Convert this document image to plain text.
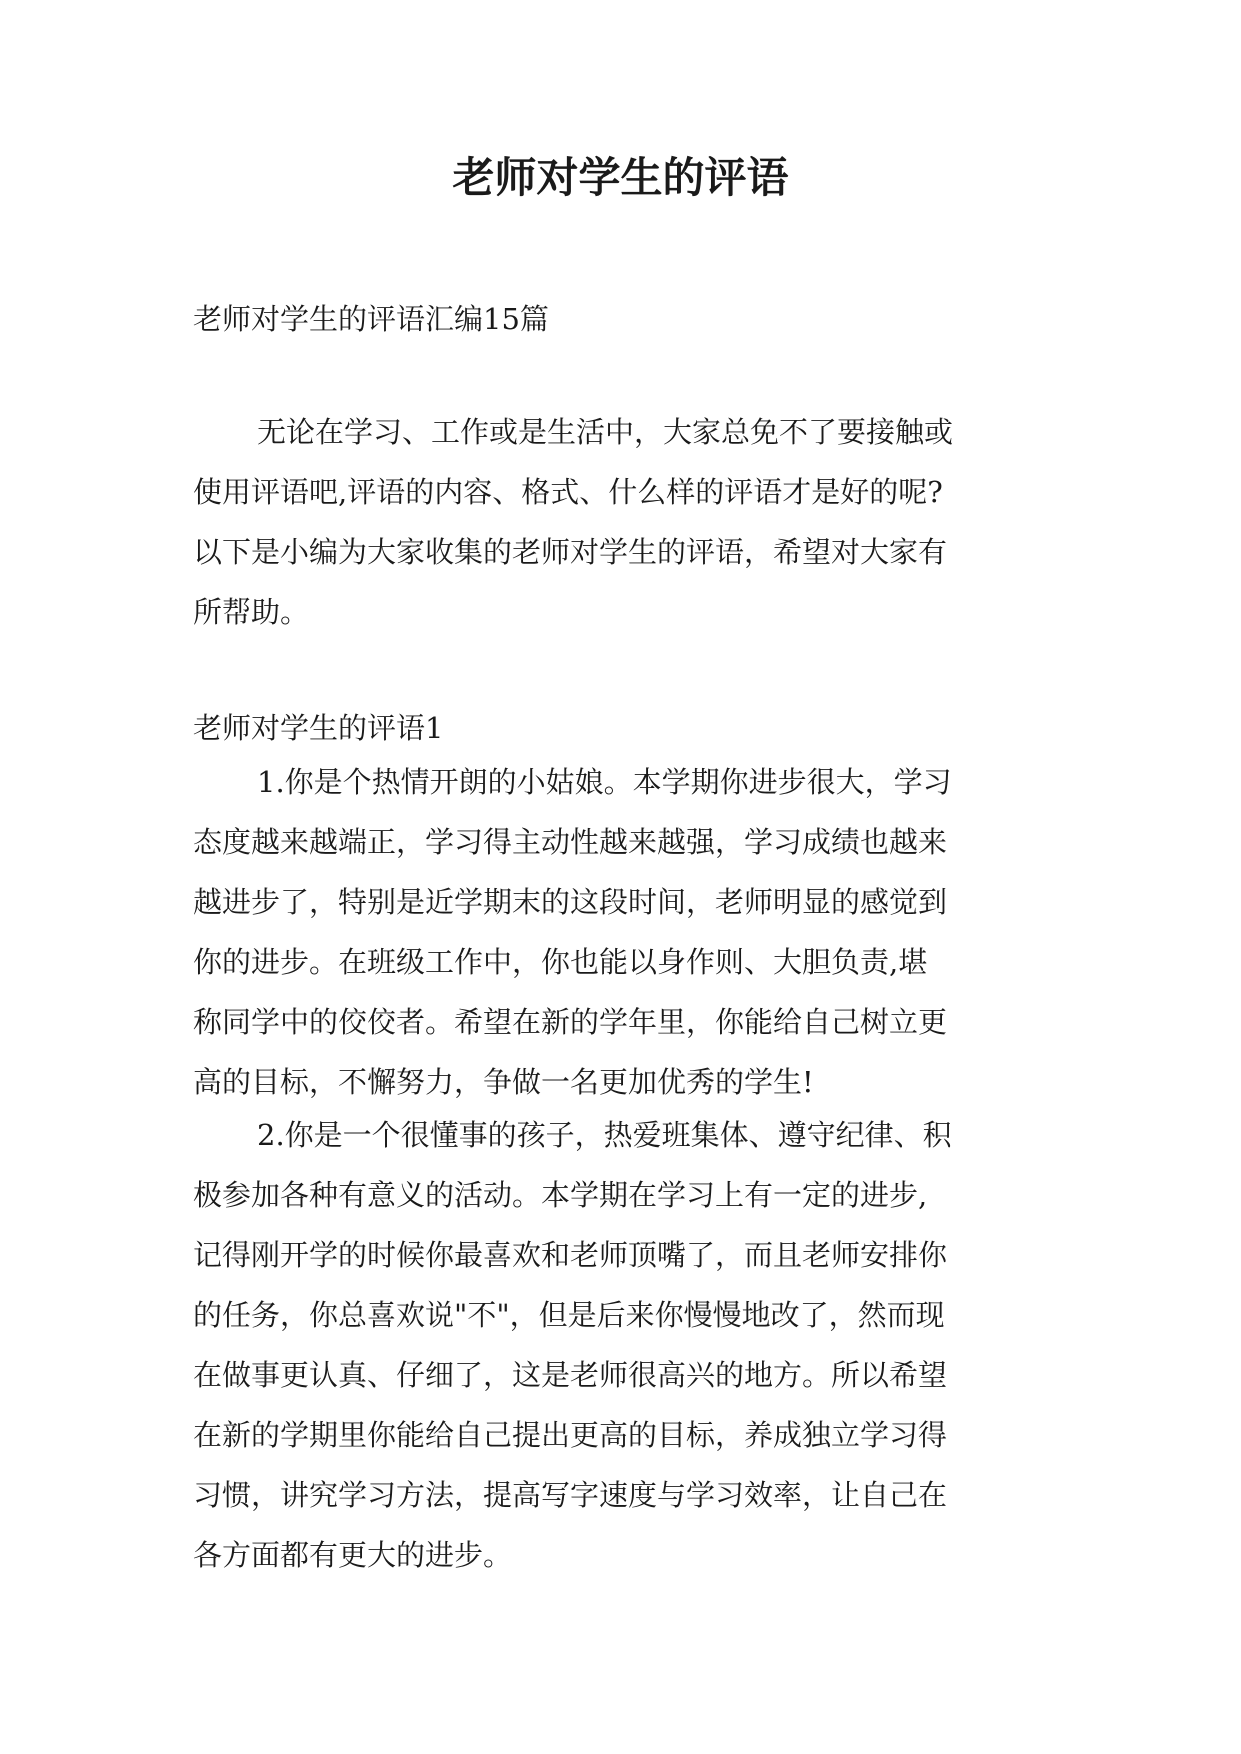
老师对学生的评语

老师对学生的评语汇编15篇

无论在学习、工作或是生活中，大家总免不了要接触或
使用评语吧,评语的内容、格式、什么样的评语才是好的呢?
以下是小编为大家收集的老师对学生的评语，希望对大家有
所帮助。

老师对学生的评语1

1.你是个热情开朗的小姑娘。本学期你进步很大，学习
态度越来越端正，学习得主动性越来越强，学习成绩也越来
越进步了，特别是近学期末的这段时间，老师明显的感觉到
你的进步。在班级工作中，你也能以身作则、大胆负责,堪
称同学中的佼佼者。希望在新的学年里，你能给自己树立更
高的目标，不懈努力，争做一名更加优秀的学生!
2.你是一个很懂事的孩子，热爱班集体、遵守纪律、积
极参加各种有意义的活动。本学期在学习上有一定的进步,
记得刚开学的时候你最喜欢和老师顶嘴了，而且老师安排你
的任务，你总喜欢说"不"，但是后来你慢慢地改了，然而现
在做事更认真、仔细了，这是老师很高兴的地方。所以希望
在新的学期里你能给自己提出更高的目标，养成独立学习得
习惯，讲究学习方法，提高写字速度与学习效率，让自己在
各方面都有更大的进步。
